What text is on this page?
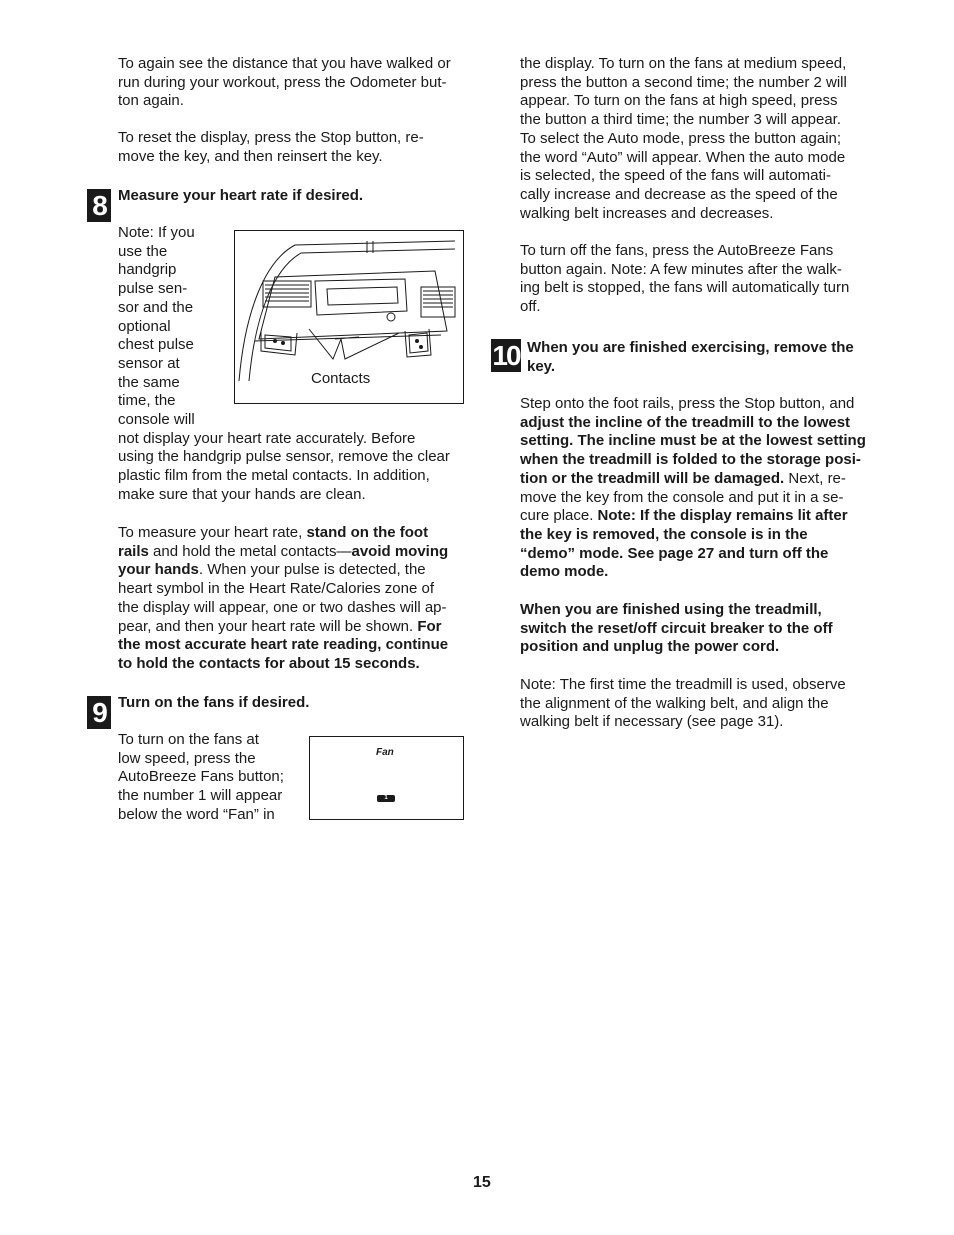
To again see the distance that you have walked or

run during your workout, press the Odometer but-

ton again.

To reset the display, press the Stop button, re-

move the key, and then reinsert the key.

8 Measure your heart rate if desired.

Note: If you

use the

handgrip

pulse sen-

sor and the

optional

chest pulse

sensor at

the same

time, the

console will

not display your heart rate accurately. Before

using the handgrip pulse sensor, remove the clear

plastic film from the metal contacts. In addition,

make sure that your hands are clean.

Contacts

To measure your heart rate, stand on the foot

rails and hold the metal contacts—avoid moving

your hands. When your pulse is detected, the

heart symbol in the Heart Rate/Calories zone of

the display will appear, one or two dashes will ap-

pear, and then your heart rate will be shown. For

the most accurate heart rate reading, continue

to hold the contacts for about 15 seconds.

9 Turn on the fans if desired.

To turn on the fans at

low speed, press the

AutoBreeze Fans button;

the number 1 will appear

below the word “Fan” in

Fan
1

the display. To turn on the fans at medium speed,

press the button a second time; the number 2 will

appear. To turn on the fans at high speed, press

the button a third time; the number 3 will appear.

To select the Auto mode, press the button again;

the word “Auto” will appear. When the auto mode

is selected, the speed of the fans will automati-

cally increase and decrease as the speed of the

walking belt increases and decreases.

To turn off the fans, press the AutoBreeze Fans

button again. Note: A few minutes after the walk-

ing belt is stopped, the fans will automatically turn

off.

10 When you are finished exercising, remove the

key.

Step onto the foot rails, press the Stop button, and

adjust the incline of the treadmill to the lowest

setting. The incline must be at the lowest setting

when the treadmill is folded to the storage posi-

tion or the treadmill will be damaged. Next, re-

move the key from the console and put it in a se-

cure place. Note: If the display remains lit after

the key is removed, the console is in the

“demo” mode. See page 27 and turn off the

demo mode.

When you are finished using the treadmill,

switch the reset/off circuit breaker to the off

position and unplug the power cord.

Note: The first time the treadmill is used, observe

the alignment of the walking belt, and align the

walking belt if necessary (see page 31).

15
